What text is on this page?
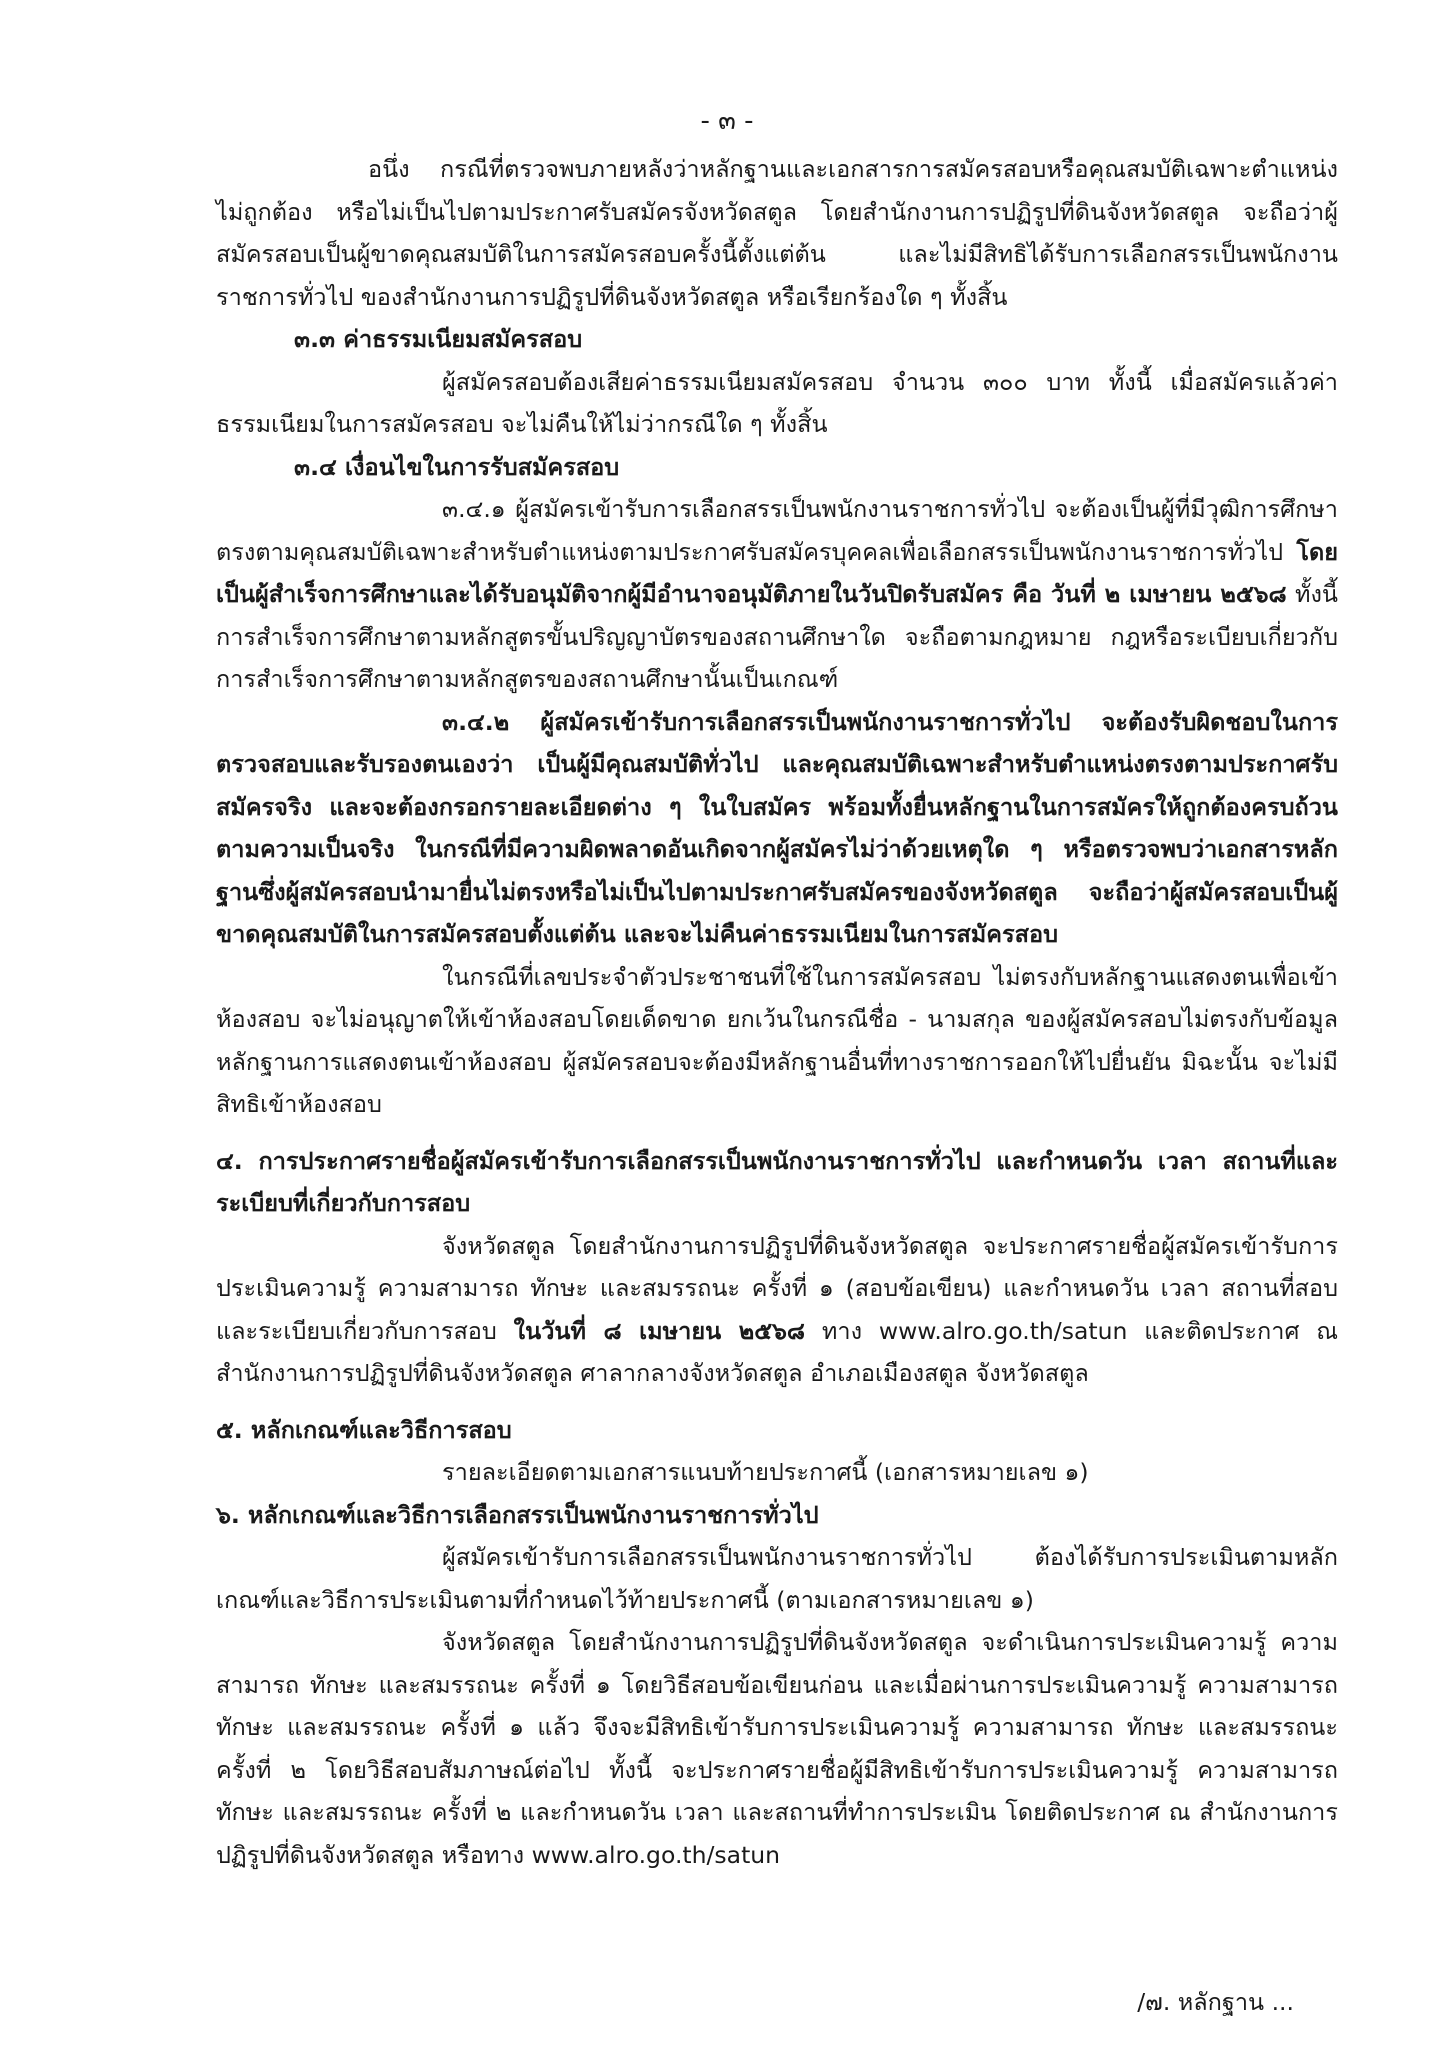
- ๓ -

อนึ่ง กรณีที่ตรวจพบภายหลังว่าหลักฐานและเอกสารการสมัครสอบหรือคุณสมบัติเฉพาะตำแหน่งไม่ถูกต้อง หรือไม่เป็นไปตามประกาศรับสมัครจังหวัดสตูล โดยสำนักงานการปฏิรูปที่ดินจังหวัดสตูล จะถือว่าผู้สมัครสอบเป็นผู้ขาดคุณสมบัติในการสมัครสอบครั้งนี้ตั้งแต่ต้น และไม่มีสิทธิได้รับการเลือกสรรเป็นพนักงานราชการทั่วไป ของสำนักงานการปฏิรูปที่ดินจังหวัดสตูล หรือเรียกร้องใด ๆ ทั้งสิ้น

๓.๓ ค่าธรรมเนียมสมัครสอบ

ผู้สมัครสอบต้องเสียค่าธรรมเนียมสมัครสอบ จำนวน ๓๐๐ บาท ทั้งนี้ เมื่อสมัครแล้วค่าธรรมเนียมในการสมัครสอบ จะไม่คืนให้ไม่ว่ากรณีใด ๆ ทั้งสิ้น

๓.๔ เงื่อนไขในการรับสมัครสอบ

๓.๔.๑ ผู้สมัครเข้ารับการเลือกสรรเป็นพนักงานราชการทั่วไป จะต้องเป็นผู้ที่มีวุฒิการศึกษาตรงตามคุณสมบัติเฉพาะสำหรับตำแหน่งตามประกาศรับสมัครบุคคลเพื่อเลือกสรรเป็นพนักงานราชการทั่วไป โดยเป็นผู้สำเร็จการศึกษาและได้รับอนุมัติจากผู้มีอำนาจอนุมัติภายในวันปิดรับสมัคร คือ วันที่ ๒ เมษายน ๒๕๖๘ ทั้งนี้ การสำเร็จการศึกษาตามหลักสูตรขั้นปริญญาบัตรของสถานศึกษาใด จะถือตามกฎหมาย กฎหรือระเบียบเกี่ยวกับการสำเร็จการศึกษาตามหลักสูตรของสถานศึกษานั้นเป็นเกณฑ์

๓.๔.๒ ผู้สมัครเข้ารับการเลือกสรรเป็นพนักงานราชการทั่วไป จะต้องรับผิดชอบในการตรวจสอบและรับรองตนเองว่า เป็นผู้มีคุณสมบัติทั่วไป และคุณสมบัติเฉพาะสำหรับตำแหน่งตรงตามประกาศรับสมัครจริง และจะต้องกรอกรายละเอียดต่าง ๆ ในใบสมัคร พร้อมทั้งยื่นหลักฐานในการสมัครให้ถูกต้องครบถ้วนตามความเป็นจริง ในกรณีที่มีความผิดพลาดอันเกิดจากผู้สมัครไม่ว่าด้วยเหตุใด ๆ หรือตรวจพบว่าเอกสารหลักฐานซึ่งผู้สมัครสอบนำมายื่นไม่ตรงหรือไม่เป็นไปตามประกาศรับสมัครของจังหวัดสตูล จะถือว่าผู้สมัครสอบเป็นผู้ขาดคุณสมบัติในการสมัครสอบตั้งแต่ต้น และจะไม่คืนค่าธรรมเนียมในการสมัครสอบ

ในกรณีที่เลขประจำตัวประชาชนที่ใช้ในการสมัครสอบ ไม่ตรงกับหลักฐานแสดงตนเพื่อเข้าห้องสอบ จะไม่อนุญาตให้เข้าห้องสอบโดยเด็ดขาด ยกเว้นในกรณีชื่อ - นามสกุล ของผู้สมัครสอบไม่ตรงกับข้อมูลหลักฐานการแสดงตนเข้าห้องสอบ ผู้สมัครสอบจะต้องมีหลักฐานอื่นที่ทางราชการออกให้ไปยื่นยัน มิฉะนั้น จะไม่มีสิทธิเข้าห้องสอบ

๔. การประกาศรายชื่อผู้สมัครเข้ารับการเลือกสรรเป็นพนักงานราชการทั่วไป และกำหนดวัน เวลา สถานที่และระเบียบที่เกี่ยวกับการสอบ

จังหวัดสตูล โดยสำนักงานการปฏิรูปที่ดินจังหวัดสตูล จะประกาศรายชื่อผู้สมัครเข้ารับการประเมินความรู้ ความสามารถ ทักษะ และสมรรถนะ ครั้งที่ ๑ (สอบข้อเขียน) และกำหนดวัน เวลา สถานที่สอบและระเบียบเกี่ยวกับการสอบ ในวันที่ ๘ เมษายน ๒๕๖๘ ทาง www.alro.go.th/satun และติดประกาศ ณ สำนักงานการปฏิรูปที่ดินจังหวัดสตูล ศาลากลางจังหวัดสตูล อำเภอเมืองสตูล จังหวัดสตูล

๕. หลักเกณฑ์และวิธีการสอบ

รายละเอียดตามเอกสารแนบท้ายประกาศนี้ (เอกสารหมายเลข ๑)

๖. หลักเกณฑ์และวิธีการเลือกสรรเป็นพนักงานราชการทั่วไป

ผู้สมัครเข้ารับการเลือกสรรเป็นพนักงานราชการทั่วไป ต้องได้รับการประเมินตามหลักเกณฑ์และวิธีการประเมินตามที่กำหนดไว้ท้ายประกาศนี้ (ตามเอกสารหมายเลข ๑)

จังหวัดสตูล โดยสำนักงานการปฏิรูปที่ดินจังหวัดสตูล จะดำเนินการประเมินความรู้ ความสามารถ ทักษะ และสมรรถนะ ครั้งที่ ๑ โดยวิธีสอบข้อเขียนก่อน และเมื่อผ่านการประเมินความรู้ ความสามารถ ทักษะ และสมรรถนะ ครั้งที่ ๑ แล้ว จึงจะมีสิทธิเข้ารับการประเมินความรู้ ความสามารถ ทักษะ และสมรรถนะ ครั้งที่ ๒ โดยวิธีสอบสัมภาษณ์ต่อไป ทั้งนี้ จะประกาศรายชื่อผู้มีสิทธิเข้ารับการประเมินความรู้ ความสามารถ ทักษะ และสมรรถนะ ครั้งที่ ๒ และกำหนดวัน เวลา และสถานที่ทำการประเมิน โดยติดประกาศ ณ สำนักงานการปฏิรูปที่ดินจังหวัดสตูล หรือทาง www.alro.go.th/satun

/๗. หลักฐาน ...
